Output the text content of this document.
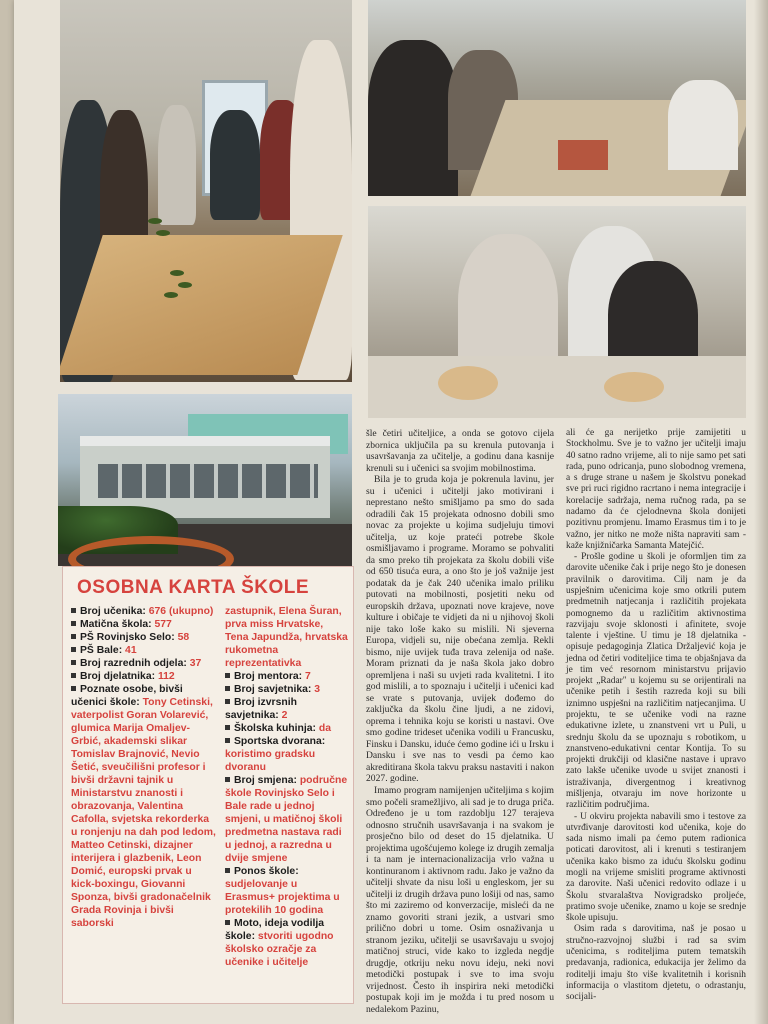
OSOBNA KARTA ŠKOLE

Broj učenika: 676 (ukupno)

Matična škola: 577

PŠ Rovinjsko Selo: 58

PŠ Bale: 41

Broj razrednih odjela: 37

Broj djelatnika: 112

Poznate osobe, bivši učenici škole: Tony Cetinski, vaterpolist Goran Volarević, glumica Marija Omaljev-Grbić, akademski slikar Tomislav Brajnović, Nevio Šetić, sveučilišni profesor i bivši državni tajnik u Ministarstvu znanosti i obrazovanja, Valentina Cafolla, svjetska rekorderka u ronjenju na dah pod ledom, Matteo Cetinski, dizajner interijera i glazbenik, Leon Domić, europski prvak u kick-boxingu, Giovanni Sponza, bivši gradonačelnik Grada Rovinja i bivši saborski

zastupnik, Elena Šuran, prva miss Hrvatske, Tena Japundža, hrvatska rukometna reprezentativka

Broj mentora: 7

Broj savjetnika: 3

Broj izvrsnih savjetnika: 2

Školska kuhinja: da

Sportska dvorana: koristimo gradsku dvoranu

Broj smjena: područne škole Rovinjsko Selo i Bale rade u jednoj smjeni, u matičnoj školi predmetna nastava radi u jednoj, a razredna u dvije smjene

Ponos škole: sudjelovanje u Erasmus+ projektima u protekilih 10 godina

Moto, ideja vodilja škole: stvoriti ugodno školsko ozračje za učenike i učitelje

šle četiri učiteljice, a onda se gotovo cijela zbornica uključila pa su krenula putovanja i usavršavanja za učitelje, a godinu dana kasnije krenuli su i učenici sa svojim mobilnostima.

Bila je to gruda koja je pokrenula lavinu, jer su i učenici i učitelji jako motivirani i neprestano nešto smišljamo pa smo do sada odradili čak 15 projekata odnosno dobili smo novac za projekte u kojima sudjeluju timovi učitelja, uz koje prateći potrebe škole osmišljavamo i programe. Moramo se pohvaliti da smo preko tih projekata za školu dobili više od 650 tisuća eura, a ono što je još važnije jest podatak da je čak 240 učenika imalo priliku putovati na mobilnosti, posjetiti neku od europskih država, upoznati nove krajeve, nove kulture i običaje te vidjeti da ni u njihovoj školi nije tako loše kako su mislili. Ni sjeverna Europa, vidjeli su, nije obećana zemlja. Rekli bismo, nije uvijek tuđa trava zelenija od naše. Moram priznati da je naša škola jako dobro opremljena i naši su uvjeti rada kvalitetni. I ito god mislili, a to spoznaju i učitelji i učenici kad se vrate s putovanja, uvijek dođemo do zaključka da školu čine ljudi, a ne zidovi, oprema i tehnika koju se koristi u nastavi. Ove smo godine trideset učenika vodili u Francusku, Finsku i Dansku, iduće ćemo godine ići u Irsku i Dansku i sve nas to vesdi pa ćemo kao akreditirana škola takvu praksu nastaviti i nakon 2027. godine.

Imamo program namijenjen učiteljima s kojim smo počeli sramežljivo, ali sad je to druga priča. Određeno je u tom razdoblju 127 terajeva odnosno stručnih usavršavanja i na svakom je prosječno bilo od deset do 15 djelatnika. U projektima ugošćujemo kolege iz drugih zemalja i ta nam je internacionalizacija vrlo važna u kontinuranom i aktivnom radu. Jako je važno da učitelji shvate da nisu loši u engleskom, jer su učitelji iz drugih država puno lošiji od nas, samo što mi zaziremo od konverzacije, misleći da ne znamo govoriti strani jezik, a ustvari smo prilično dobri u tome. Osim osnaživanja u stranom jeziku, učitelji se usavršavaju u svojoj matičnoj struci, vide kako to izgleda negdje drugdje, otkriju neku novu ideju, neki novi metodički postupak i sve to ima svoju vrijednost. Često ih inspirira neki metodički postupak koji im je možda i tu pred nosom u nedalekom Pazinu,

ali će ga nerijetko prije zamijetiti u Stockholmu. Sve je to važno jer učitelji imaju 40 satno radno vrijeme, ali to nije samo pet sati rada, puno odricanja, puno slobodnog vremena, a s druge strane u našem je školstvu ponekad sve pri ruci rigidno racrtano i nema integracije i korelacije sadržaja, nema ručnog rada, pa se nadamo da će cjelodnevna škola donijeti pozitivnu promjenu. Imamo Erasmus tim i to je važno, jer nitko ne može ništa napraviti sam - kaže knjižničarka Samanta Matejčić.

- Prošle godine u školi je oformljen tim za darovite učenike čak i prije nego što je donesen pravilnik o darovitima. Cilj nam je da uspješnim učenicima koje smo otkrili putem predmetnih natjecanja i različitih projekata pomognemo da u različitim aktivnostima razvijaju svoje sklonosti i afinitete, svoje talente i vještine. U timu je 18 djelatnika - opisuje pedagoginja Zlatica Držaljević koja je jedna od četiri voditeljice tima te objašnjava da je tim već resornom ministarstvu prijavio projekt „Radar" u kojemu su se orijentirali na učenike petih i šestih razreda koji su bili iznimno uspješni na različitim natjecanjima. U projektu, te se učenike vodi na razne edukativne izlete, u znanstveni vrt u Puli, u srednju školu da se upoznaju s robotikom, u znanstveno-edukativni centar Kontija. To su projekti drukčiji od klasične nastave i upravo zato lakše učenike uvode u svijet znanosti i istraživanja, divergentnog i kreativnog mišljenja, otvaraju im nove horizonte u različitim područjima.

- U okviru projekta nabavili smo i testove za utvrđivanje darovitosti kod učenika, koje do sada nismo imali pa ćemo putem radionica poticati darovitost, ali i krenuti s testiranjem učenika kako bismo za iduću školsku godinu mogli na vrijeme smisliti programe aktivnosti za darovite. Naši učenici redovito odlaze i u Školu stvaralaštva Novigradsko proljeće, pratimo svoje učenike, znamo u koje se srednje škole upisuju.

Osim rada s darovitima, naš je posao u stručno-razvojnoj službi i rad sa svim učenicima, s roditeljima putem tematskih predavanja, radionica, edukacija jer želimo da roditelji imaju što više kvalitetnih i korisnih informacija o vlastitom djetetu, o odrastanju, socijali-
